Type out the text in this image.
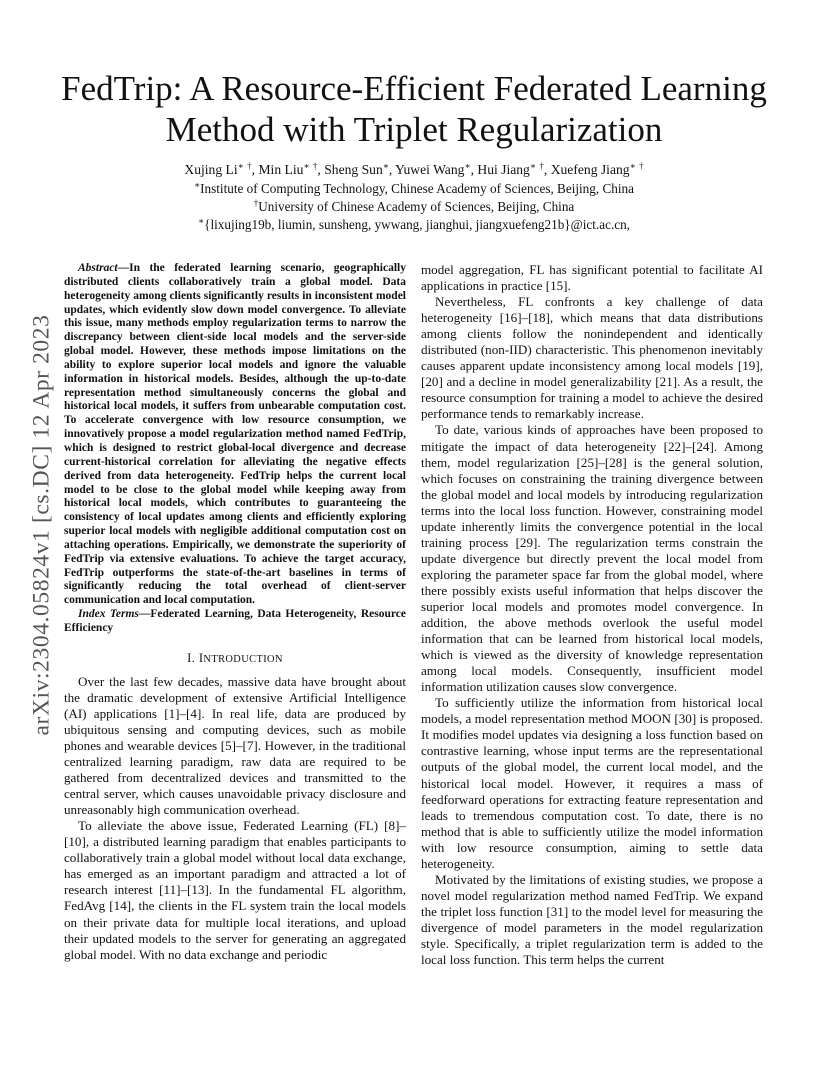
arXiv:2304.05824v1 [cs.DC] 12 Apr 2023
FedTrip: A Resource-Efficient Federated Learning Method with Triplet Regularization
Xujing Li∗ †, Min Liu∗ †, Sheng Sun∗, Yuwei Wang∗, Hui Jiang∗ †, Xuefeng Jiang∗ †
∗Institute of Computing Technology, Chinese Academy of Sciences, Beijing, China
†University of Chinese Academy of Sciences, Beijing, China
∗{lixujing19b, liumin, sunsheng, ywwang, jianghui, jiangxuefeng21b}@ict.ac.cn,

Abstract—In the federated learning scenario, geographically distributed clients collaboratively train a global model. Data heterogeneity among clients significantly results in inconsistent model updates, which evidently slow down model convergence. To alleviate this issue, many methods employ regularization terms to narrow the discrepancy between client-side local models and the server-side global model. However, these methods impose limitations on the ability to explore superior local models and ignore the valuable information in historical models. Besides, although the up-to-date representation method simultaneously concerns the global and historical local models, it suffers from unbearable computation cost. To accelerate convergence with low resource consumption, we innovatively propose a model regularization method named FedTrip, which is designed to restrict global-local divergence and decrease current-historical correlation for alleviating the negative effects derived from data heterogeneity. FedTrip helps the current local model to be close to the global model while keeping away from historical local models, which contributes to guaranteeing the consistency of local updates among clients and efficiently exploring superior local models with negligible additional computation cost on attaching operations. Empirically, we demonstrate the superiority of FedTrip via extensive evaluations. To achieve the target accuracy, FedTrip outperforms the state-of-the-art baselines in terms of significantly reducing the total overhead of client-server communication and local computation.

Index Terms—Federated Learning, Data Heterogeneity, Resource Efficiency

I. INTRODUCTION

Over the last few decades, massive data have brought about the dramatic development of extensive Artificial Intelligence (AI) applications [1]–[4]. In real life, data are produced by ubiquitous sensing and computing devices, such as mobile phones and wearable devices [5]–[7]. However, in the traditional centralized learning paradigm, raw data are required to be gathered from decentralized devices and transmitted to the central server, which causes unavoidable privacy disclosure and unreasonably high communication overhead.

To alleviate the above issue, Federated Learning (FL) [8]–[10], a distributed learning paradigm that enables participants to collaboratively train a global model without local data exchange, has emerged as an important paradigm and attracted a lot of research interest [11]–[13]. In the fundamental FL algorithm, FedAvg [14], the clients in the FL system train the local models on their private data for multiple local iterations, and upload their updated models to the server for generating an aggregated global model. With no data exchange and periodic

model aggregation, FL has significant potential to facilitate AI applications in practice [15].

Nevertheless, FL confronts a key challenge of data heterogeneity [16]–[18], which means that data distributions among clients follow the nonindependent and identically distributed (non-IID) characteristic. This phenomenon inevitably causes apparent update inconsistency among local models [19], [20] and a decline in model generalizability [21]. As a result, the resource consumption for training a model to achieve the desired performance tends to remarkably increase.

To date, various kinds of approaches have been proposed to mitigate the impact of data heterogeneity [22]–[24]. Among them, model regularization [25]–[28] is the general solution, which focuses on constraining the training divergence between the global model and local models by introducing regularization terms into the local loss function. However, constraining model update inherently limits the convergence potential in the local training process [29]. The regularization terms constrain the update divergence but directly prevent the local model from exploring the parameter space far from the global model, where there possibly exists useful information that helps discover the superior local models and promotes model convergence. In addition, the above methods overlook the useful model information that can be learned from historical local models, which is viewed as the diversity of knowledge representation among local models. Consequently, insufficient model information utilization causes slow convergence.

To sufficiently utilize the information from historical local models, a model representation method MOON [30] is proposed. It modifies model updates via designing a loss function based on contrastive learning, whose input terms are the representational outputs of the global model, the current local model, and the historical local model. However, it requires a mass of feedforward operations for extracting feature representation and leads to tremendous computation cost. To date, there is no method that is able to sufficiently utilize the model information with low resource consumption, aiming to settle data heterogeneity.

Motivated by the limitations of existing studies, we propose a novel model regularization method named FedTrip. We expand the triplet loss function [31] to the model level for measuring the divergence of model parameters in the model regularization style. Specifically, a triplet regularization term is added to the local loss function. This term helps the current
